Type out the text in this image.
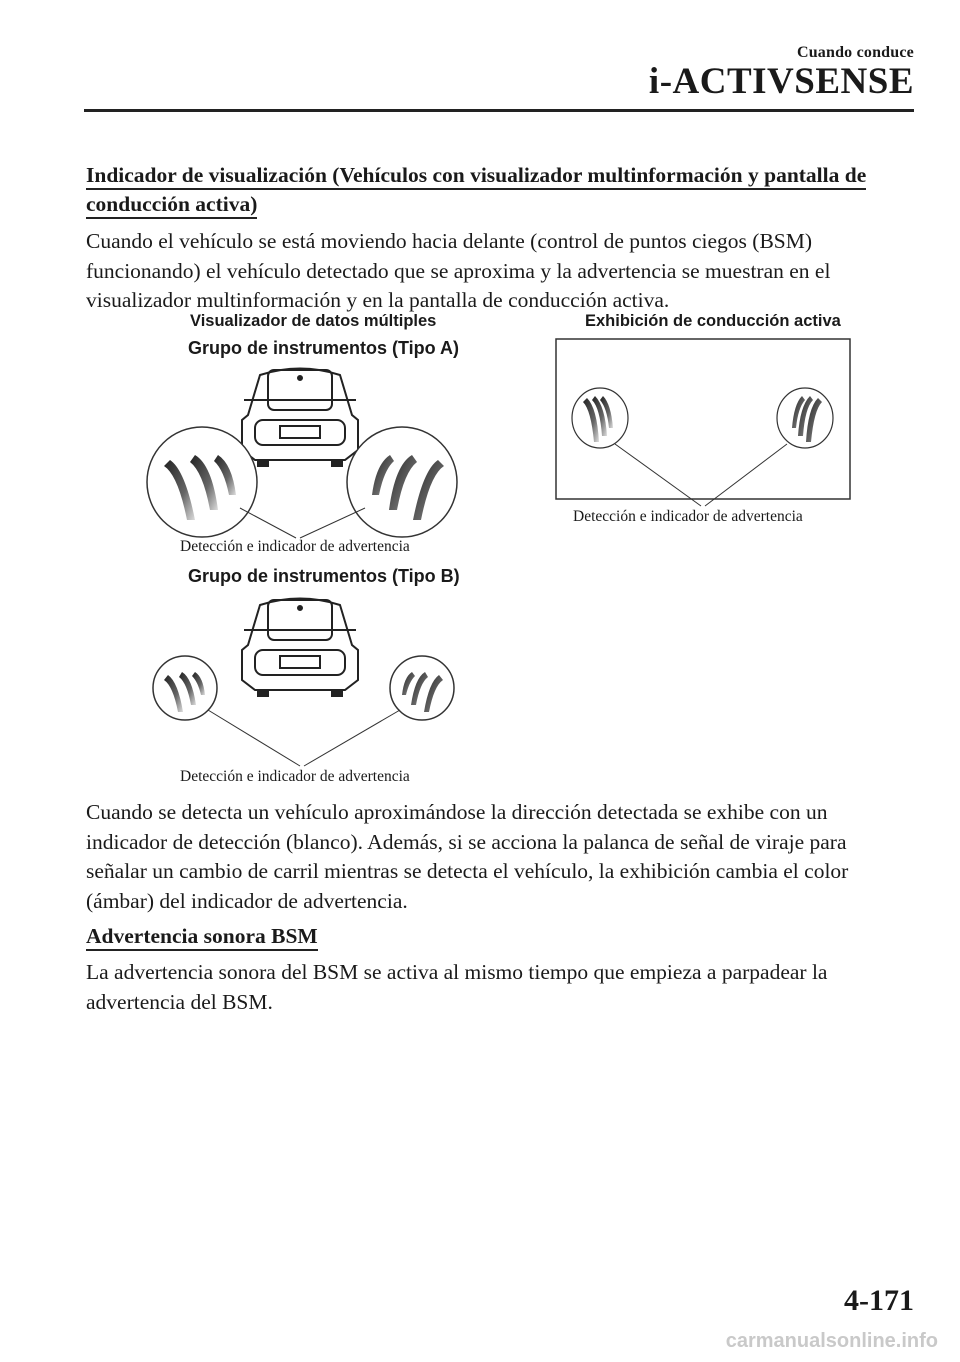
Cuando conduce
i-ACTIVSENSE
Indicador de visualización (Vehículos con visualizador multinformación y pantalla de
conducción activa)

Cuando el vehículo se está moviendo hacia delante (control de puntos ciegos (BSM) funcionando) el vehículo detectado que se aproxima y la advertencia se muestran en el visualizador multinformación y en la pantalla de conducción activa.

Visualizador de datos múltiples	Exhibición de conducción activa
Grupo de instrumentos (Tipo A)
Grupo de instrumentos (Tipo B)
Detección e indicador de advertencia
Detección e indicador de advertencia
Detección e indicador de advertencia

Cuando se detecta un vehículo aproximándose la dirección detectada se exhibe con un indicador de detección (blanco). Además, si se acciona la palanca de señal de viraje para señalar un cambio de carril mientras se detecta el vehículo, la exhibición cambia el color (ámbar) del indicador de advertencia.

Advertencia sonora BSM

La advertencia sonora del BSM se activa al mismo tiempo que empieza a parpadear la advertencia del BSM.

4-171
carmanualsonline.info
